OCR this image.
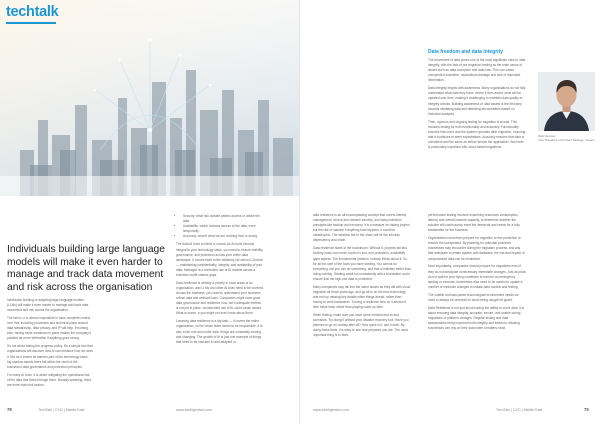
techtalk
Individuals building large language models will make it even harder to manage and track data movement and risk across the organisation

individuals building or adapting large language models (LLMs) will make it even harder to manage and track data movement and risk across the organisation.

The fact is, it is almost impossible to have complete control over this, including processes and technical plans around data stewardship, data privacy, and IP will help. If nothing else, having those measures in place makes the company's position far more defensible if anything goes wrong.

It's not about taking the progress policy. It's a simple fact that organisations will discover how AI can enhance how we work it. But as it lowers its barriers part of the technology stack, big shadow assets there fall within the remit of the business's data governance and protection principles.

For many AI tools, it is about mitigating the operational risk of the data that flows through them. Broadly speaking, there are three main risk factors:

• Security: what risk outside parties access or obtain the data
• Availability: which humans access to the data, even temporarily
• Accuracy: what if what we are working from is wrong

The data AI tools contend is crucial. As AI tools become integral to your technology stack, you need to ensure visibility, governance, and protection across your entire data landscape. It comes back to the relatively old school CIA triad — maintaining confidentiality, integrity, and availability of your data. Managed is a controlled use of AI models across a business credit chance gaps.

Data resilience is already a priority in most areas of an organisation, and LLMs and other AI tools need to be covered. Across the business, you need to understand your business-critical data and relevant laws. Companies might have good data governance and resilience now, but if adequate metrics is not put in place, uncontrolled use of AI could cause issues. What is worse, a you might not even know about them.

Lowering data resilience is a big task — it covers the entire organisation, so the whole team needs to be responsible. It is also a live one and under data, things are constantly moving and changing. The growth of AI is just one example of things that need to be checked to and adapted to.

data resilience is an all-encompassing concept that covers identity management, device and network security, and data protection principles like backup and recovery. It is a massive de-risking project, but the risk of inaction if anything bad happens, it could be catastrophic. The weakest link in the chain will be the security dependency and chain.

Data resilience starts in the boardroom. Without it, projects fail fast, funding looks how much control is lost, and protection, availability gaps appear. The fundamental problem, nobody thinks about it. So, for all the care of the tools you have starting. You cannot do everything, but you can do something, and that is infinitely better than doing nothing. Starting small but consistently with a foundation could ensure that the high-risk data is protected.

Many companies may fall into the same issues as they did with cloud migration all those years ago, and go all-in on the new technology and end up missing key details when things ahead, rather than having to work backwards. Turning a resilience lens on it ahead of time helps keep rather than playing catch-up later.

When testing, make sure you have some minimal end-to-end scenarios. Try doing it without your disaster recovery tool. Have you planned to go on holiday after all? How quick is it, can it work. By doing these tests, it is easy to see how prepared you are. The most important thing is to start.

Data freedom and data integrity

The movement of data poses one of the most significant risks to data integrity, with the lack of pre-migration testing as the main cause of issues such as data corruption and data loss. This can cause unexpected downtime, reputational damage and loss of important information.

Data integrity begins with awareness. Many organisations do not fully understand what data they have, where it lives and/or what will be updated over time, making it challenging to maintain data quality or integrity checks. Building awareness of data assets is the first step towards validating data and detecting abnormalities based on historical analyses.

Then, rigorous and ongoing testing for migration is crucial. This includes testing for both functionality and accuracy. Functionality ensures that users and the system operates after migration, ensuring that it continues to meet expectations. Accuracy ensures that data is consistent and the same as before across the application. Such test is particularly important with cloud-based migrations.

performance testing involves examining resources consumption, latency and overall network capacity, to determine whether the solution will continuously meet the demands and needs for a fully sustainable for the business.

Organisations must then prepare for migration to few prediction to resolve the unexpected. By planning for potential problems businesses may encounter during the migration process, and any that anticipate a certain system with database, the risk and impact of compromised data can be minimised.

Most importantly, companies should prepare for migrations even if they do not anticipate unnecessary immediate changes. Just as pilots do not wait for poor flying conditions to train for an emergency landing or exercise, businesses also need to be careful to update a number of minimum changes to initiate data models and testing.

The volatile and fast-paced technological environment needs we need to always be prepared to avoid being caught off guard.

Data Resilience is not just about having the ability to move data, it is about ensuring data integrity, accurate, secure, and usable during migrations or platform changes. Regular testing and data assessments bring improved both integrity and freedom, allowing businesses can rely on their data when it matters most.

Rick Vanover
Vice President of Product Strategy, Veeam
78	TechTalk | CXO | Middle East	www.intelligentcio.com	www.intelligentcio.com	TechTalk | CXO | Middle East	79
